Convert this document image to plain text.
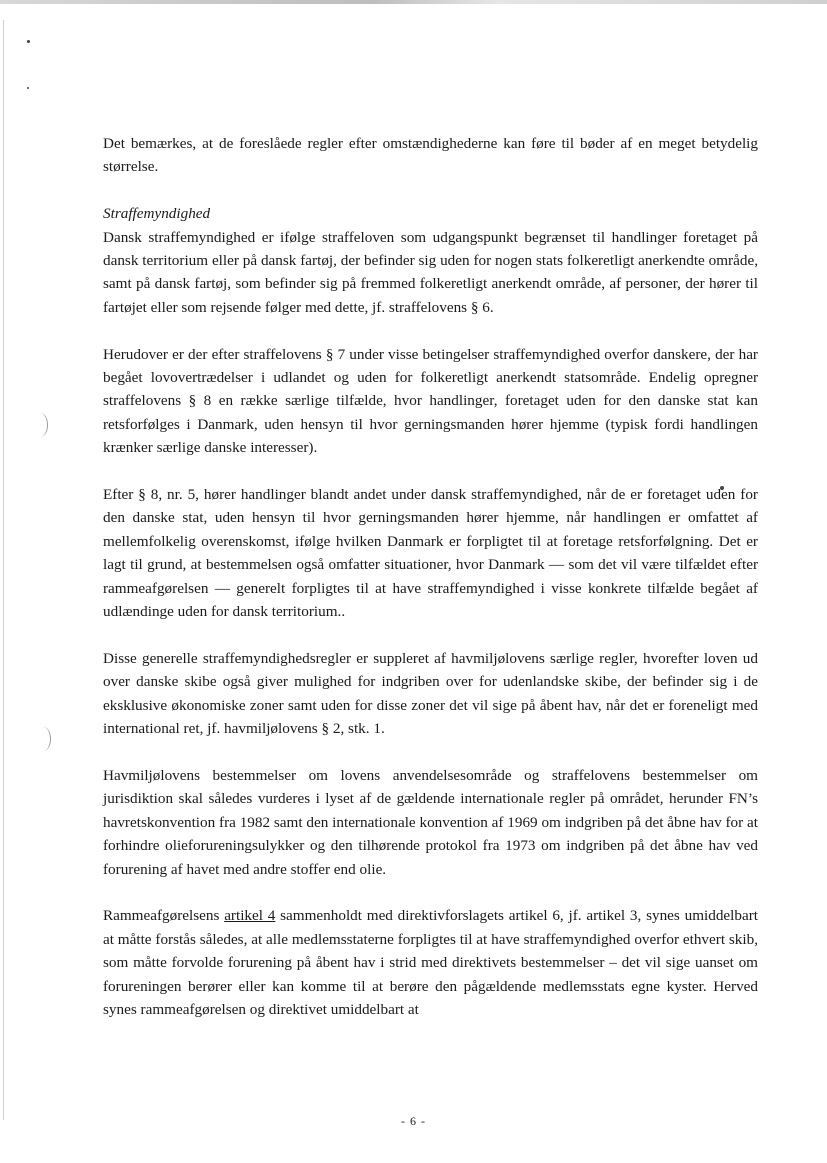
Det bemærkes, at de foreslåede regler efter omstændighederne kan føre til bøder af en meget betydelig størrelse.

Straffemyndighed

Dansk straffemyndighed er ifølge straffeloven som udgangspunkt begrænset til handlinger foretaget på dansk territorium eller på dansk fartøj, der befinder sig uden for nogen stats folkeretligt anerkendte område, samt på dansk fartøj, som befinder sig på fremmed folkeretligt anerkendt område, af personer, der hører til fartøjet eller som rejsende følger med dette, jf. straffelovens § 6.

Herudover er der efter straffelovens § 7 under visse betingelser straffemyndighed overfor danskere, der har begået lovovertrædelser i udlandet og uden for folkeretligt anerkendt statsområde. Endelig opregner straffelovens § 8 en række særlige tilfælde, hvor handlinger, foretaget uden for den danske stat kan retsforfølges i Danmark, uden hensyn til hvor gerningsmanden hører hjemme (typisk fordi handlingen krænker særlige danske interesser).

Efter § 8, nr. 5, hører handlinger blandt andet under dansk straffemyndighed, når de er foretaget uden for den danske stat, uden hensyn til hvor gerningsmanden hører hjemme, når handlingen er omfattet af mellemfolkelig overenskomst, ifølge hvilken Danmark er forpligtet til at foretage retsforfølgning. Det er lagt til grund, at bestemmelsen også omfatter situationer, hvor Danmark — som det vil være tilfældet efter rammeafgørelsen — generelt forpligtes til at have straffemyndighed i visse konkrete tilfælde begået af udlændinge uden for dansk territorium..

Disse generelle straffemyndighedsregler er suppleret af havmiljølovens særlige regler, hvorefter loven ud over danske skibe også giver mulighed for indgriben over for udenlandske skibe, der befinder sig i de eksklusive økonomiske zoner samt uden for disse zoner det vil sige på åbent hav, når det er foreneligt med international ret, jf. havmiljølovens § 2, stk. 1.

Havmiljølovens bestemmelser om lovens anvendelsesområde og straffelovens bestemmelser om jurisdiktion skal således vurderes i lyset af de gældende internationale regler på området, herunder FN’s havretskonvention fra 1982 samt den internationale konvention af 1969 om indgriben på det åbne hav for at forhindre olieforureningsulykker og den tilhørende protokol fra 1973 om indgriben på det åbne hav ved forurening af havet med andre stoffer end olie.

Rammeafgørelsens artikel 4 sammenholdt med direktivforslagets artikel 6, jf. artikel 3, synes umiddelbart at måtte forstås således, at alle medlemsstaterne forpligtes til at have straffemyndighed overfor ethvert skib, som måtte forvolde forurening på åbent hav i strid med direktivets bestemmelser – det vil sige uanset om forureningen berører eller kan komme til at berøre den pågældende medlemsstats egne kyster. Herved synes rammeafgørelsen og direktivet umiddelbart at

- 6 -
